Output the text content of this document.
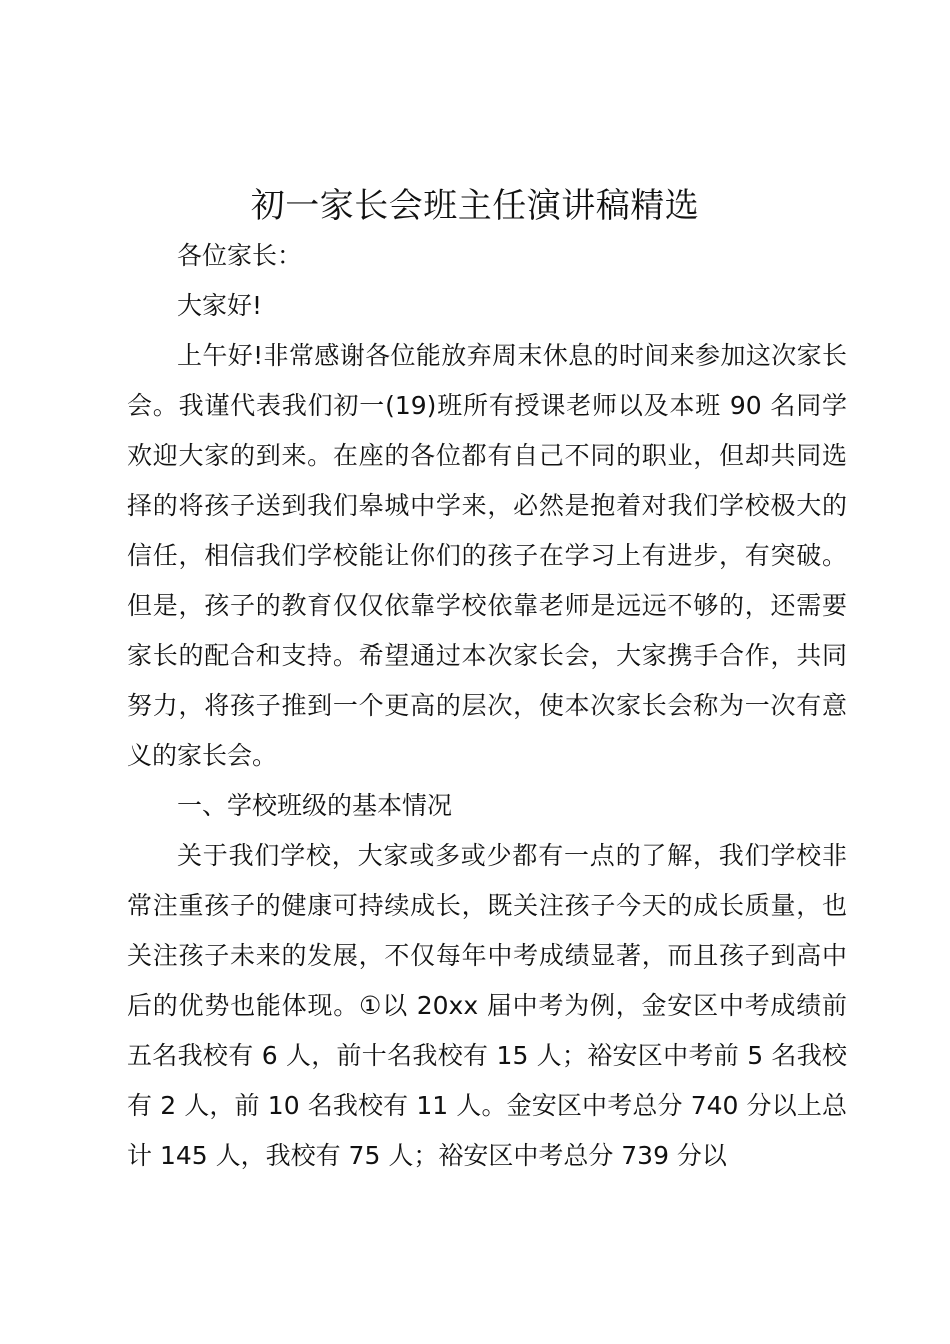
初一家长会班主任演讲稿精选

各位家长：

大家好!

上午好!非常感谢各位能放弃周末休息的时间来参加这次家长会。我谨代表我们初一(19)班所有授课老师以及本班 90 名同学欢迎大家的到来。在座的各位都有自己不同的职业，但却共同选择的将孩子送到我们皋城中学来，必然是抱着对我们学校极大的信任，相信我们学校能让你们的孩子在学习上有进步，有突破。但是，孩子的教育仅仅依靠学校依靠老师是远远不够的，还需要家长的配合和支持。希望通过本次家长会，大家携手合作，共同努力，将孩子推到一个更高的层次，使本次家长会称为一次有意义的家长会。

一、学校班级的基本情况

关于我们学校，大家或多或少都有一点的了解，我们学校非常注重孩子的健康可持续成长，既关注孩子今天的成长质量，也关注孩子未来的发展，不仅每年中考成绩显著，而且孩子到高中后的优势也能体现。①以 20xx 届中考为例，金安区中考成绩前五名我校有 6 人，前十名我校有 15 人；裕安区中考前 5 名我校有 2 人，前 10 名我校有 11 人。金安区中考总分 740 分以上总计 145 人，我校有 75 人；裕安区中考总分 739 分以
